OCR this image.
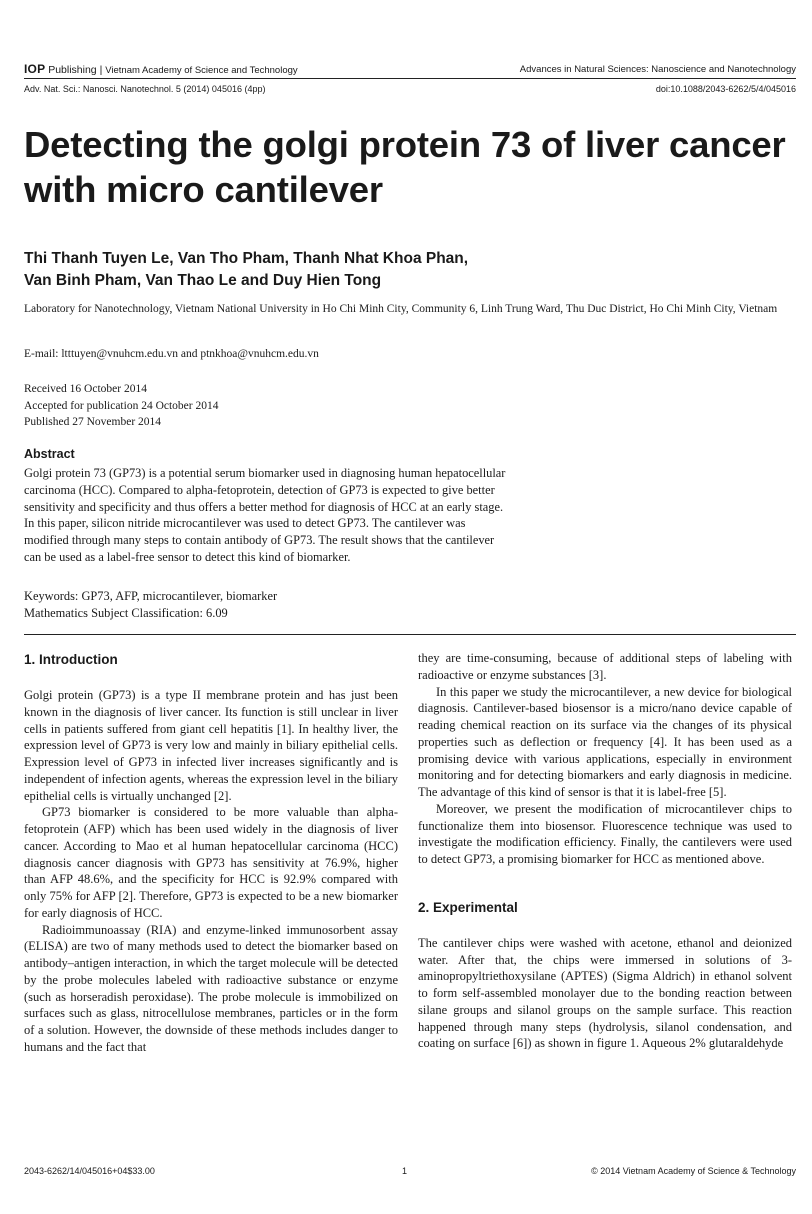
IOP Publishing | Vietnam Academy of Science and Technology	Advances in Natural Sciences: Nanoscience and Nanotechnology
Adv. Nat. Sci.: Nanosci. Nanotechnol. 5 (2014) 045016 (4pp)	doi:10.1088/2043-6262/5/4/045016
Detecting the golgi protein 73 of liver cancer
with micro cantilever
Thi Thanh Tuyen Le, Van Tho Pham, Thanh Nhat Khoa Phan,
Van Binh Pham, Van Thao Le and Duy Hien Tong
Laboratory for Nanotechnology, Vietnam National University in Ho Chi Minh City, Community 6, Linh Trung Ward, Thu Duc District, Ho Chi Minh City, Vietnam
E-mail: ltttuyen@vnuhcm.edu.vn and ptnkhoa@vnuhcm.edu.vn
Received 16 October 2014
Accepted for publication 24 October 2014
Published 27 November 2014
Abstract
Golgi protein 73 (GP73) is a potential serum biomarker used in diagnosing human hepatocellular
carcinoma (HCC). Compared to alpha-fetoprotein, detection of GP73 is expected to give better
sensitivity and specificity and thus offers a better method for diagnosis of HCC at an early stage.
In this paper, silicon nitride microcantilever was used to detect GP73. The cantilever was
modified through many steps to contain antibody of GP73. The result shows that the cantilever
can be used as a label-free sensor to detect this kind of biomarker.
Keywords: GP73, AFP, microcantilever, biomarker
Mathematics Subject Classification: 6.09
1. Introduction

Golgi protein (GP73) is a type II membrane protein and has just been known in the diagnosis of liver cancer. Its function is still unclear in liver cells in patients suffered from giant cell hepatitis [1]. In healthy liver, the expression level of GP73 is very low and mainly in biliary epithelial cells. Expression level of GP73 in infected liver increases significantly and is independent of infection agents, whereas the expression level in the biliary epithelial cells is virtually unchanged [2].

GP73 biomarker is considered to be more valuable than alpha-fetoprotein (AFP) which has been used widely in the diagnosis of liver cancer. According to Mao et al human hepatocellular carcinoma (HCC) diagnosis cancer diagnosis with GP73 has sensitivity at 76.9%, higher than AFP 48.6%, and the specificity for HCC is 92.9% compared with only 75% for AFP [2]. Therefore, GP73 is expected to be a new biomarker for early diagnosis of HCC.

Radioimmunoassay (RIA) and enzyme-linked immunosorbent assay (ELISA) are two of many methods used to detect the biomarker based on antibody–antigen interaction, in which the target molecule will be detected by the probe molecules labeled with radioactive substance or enzyme (such as horseradish peroxidase). The probe molecule is immobilized on surfaces such as glass, nitrocellulose membranes, particles or in the form of a solution. However, the downside of these methods includes danger to humans and the fact that

they are time-consuming, because of additional steps of labeling with radioactive or enzyme substances [3].

In this paper we study the microcantilever, a new device for biological diagnosis. Cantilever-based biosensor is a micro/nano device capable of reading chemical reaction on its surface via the changes of its physical properties such as deflection or frequency [4]. It has been used as a promising device with various applications, especially in environment monitoring and for detecting biomarkers and early diagnosis in medicine. The advantage of this kind of sensor is that it is label-free [5].

Moreover, we present the modification of microcantilever chips to functionalize them into biosensor. Fluorescence technique was used to investigate the modification efficiency. Finally, the cantilevers were used to detect GP73, a promising biomarker for HCC as mentioned above.

2. Experimental

The cantilever chips were washed with acetone, ethanol and deionized water. After that, the chips were immersed in solutions of 3-aminopropyltriethoxysilane (APTES) (Sigma Aldrich) in ethanol solvent to form self-assembled monolayer due to the bonding reaction between silane groups and silanol groups on the sample surface. This reaction happened through many steps (hydrolysis, silanol condensation, and coating on surface [6]) as shown in figure 1. Aqueous 2% glutaraldehyde

2043-6262/14/045016+04$33.00	1	© 2014 Vietnam Academy of Science & Technology
